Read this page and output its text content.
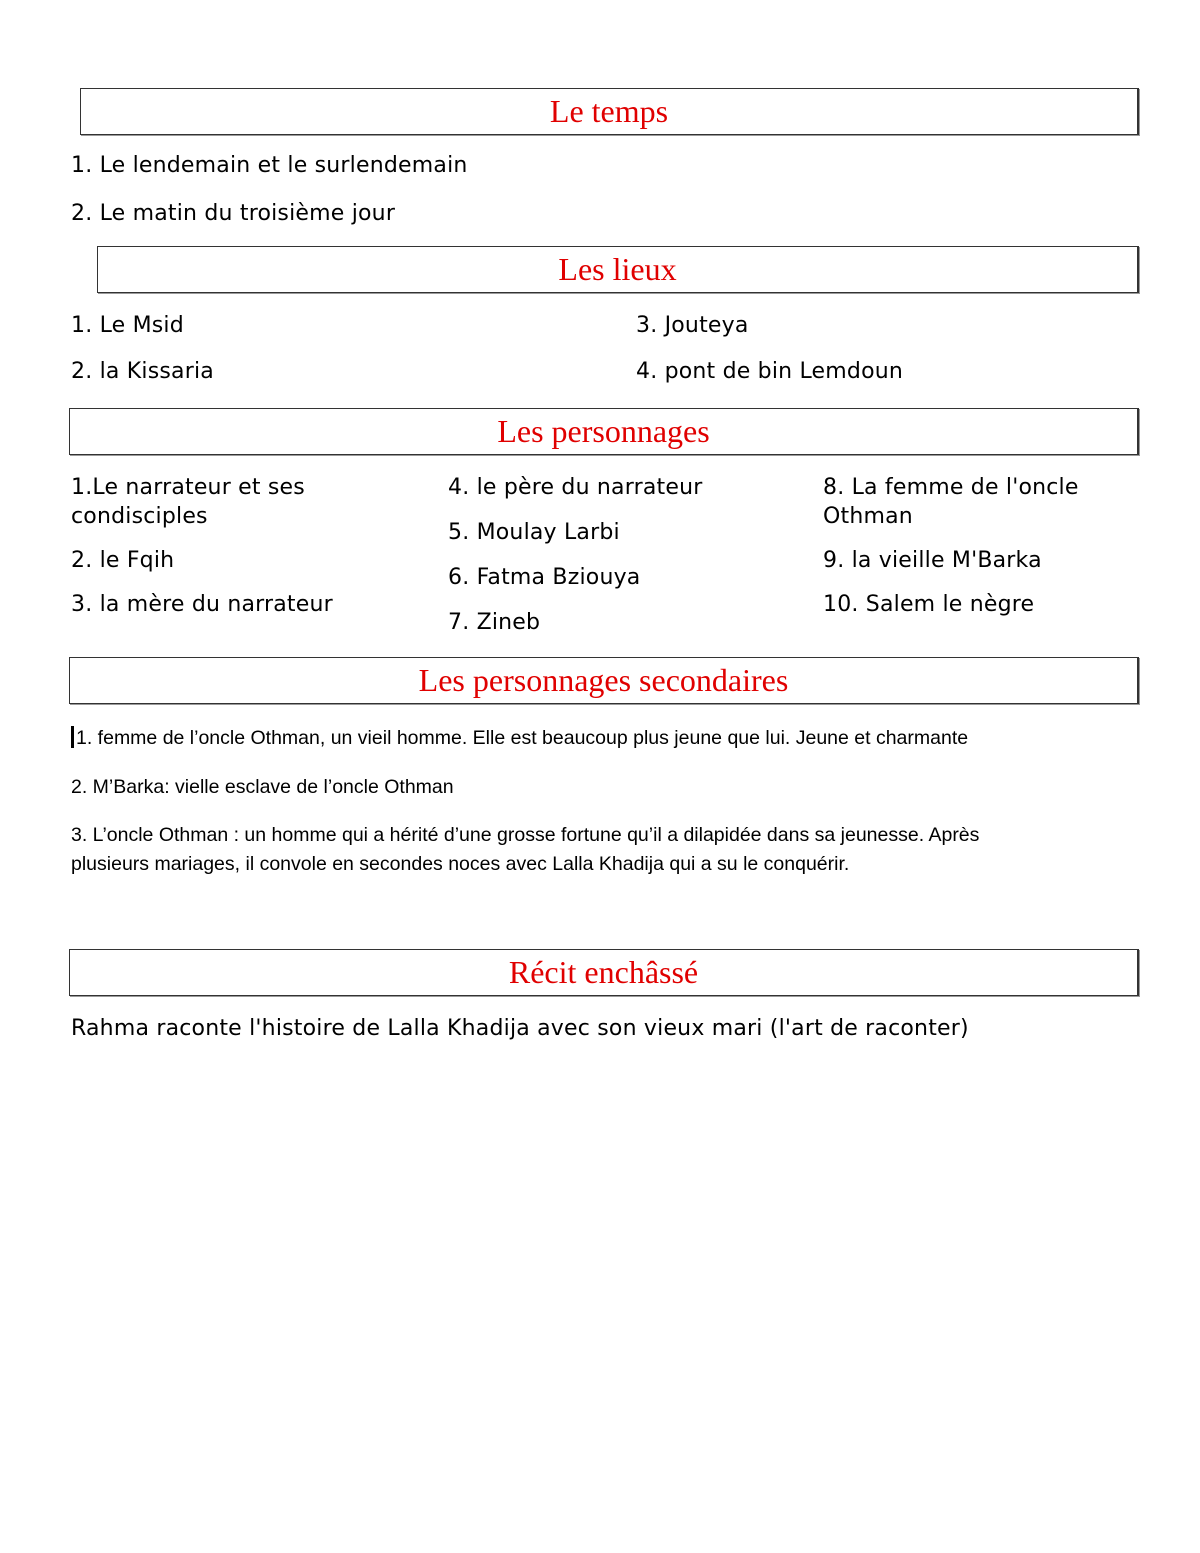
Le temps
1. Le lendemain et le surlendemain
2. Le matin du troisième jour
Les lieux
1. Le Msid
2. la Kissaria
3. Jouteya
4. pont de bin Lemdoun
Les personnages
1.Le narrateur et ses condisciples
2. le Fqih
3. la mère du narrateur
4. le père du narrateur
5. Moulay Larbi
6. Fatma Bziouya
7. Zineb
8. La femme de l'oncle Othman
9. la vieille M'Barka
10. Salem le nègre
Les personnages secondaires
1. femme de l’oncle Othman, un vieil homme. Elle est beaucoup plus jeune que lui. Jeune et charmante
2. M’Barka: vielle esclave de l’oncle Othman
3. L’oncle Othman : un homme qui a hérité d’une grosse fortune qu’il a dilapidée dans sa jeunesse. Après
plusieurs mariages, il convole en secondes noces avec Lalla Khadija qui a su le conquérir.
Récit enchâssé
Rahma raconte l'histoire de Lalla Khadija avec son vieux mari (l'art de raconter)
